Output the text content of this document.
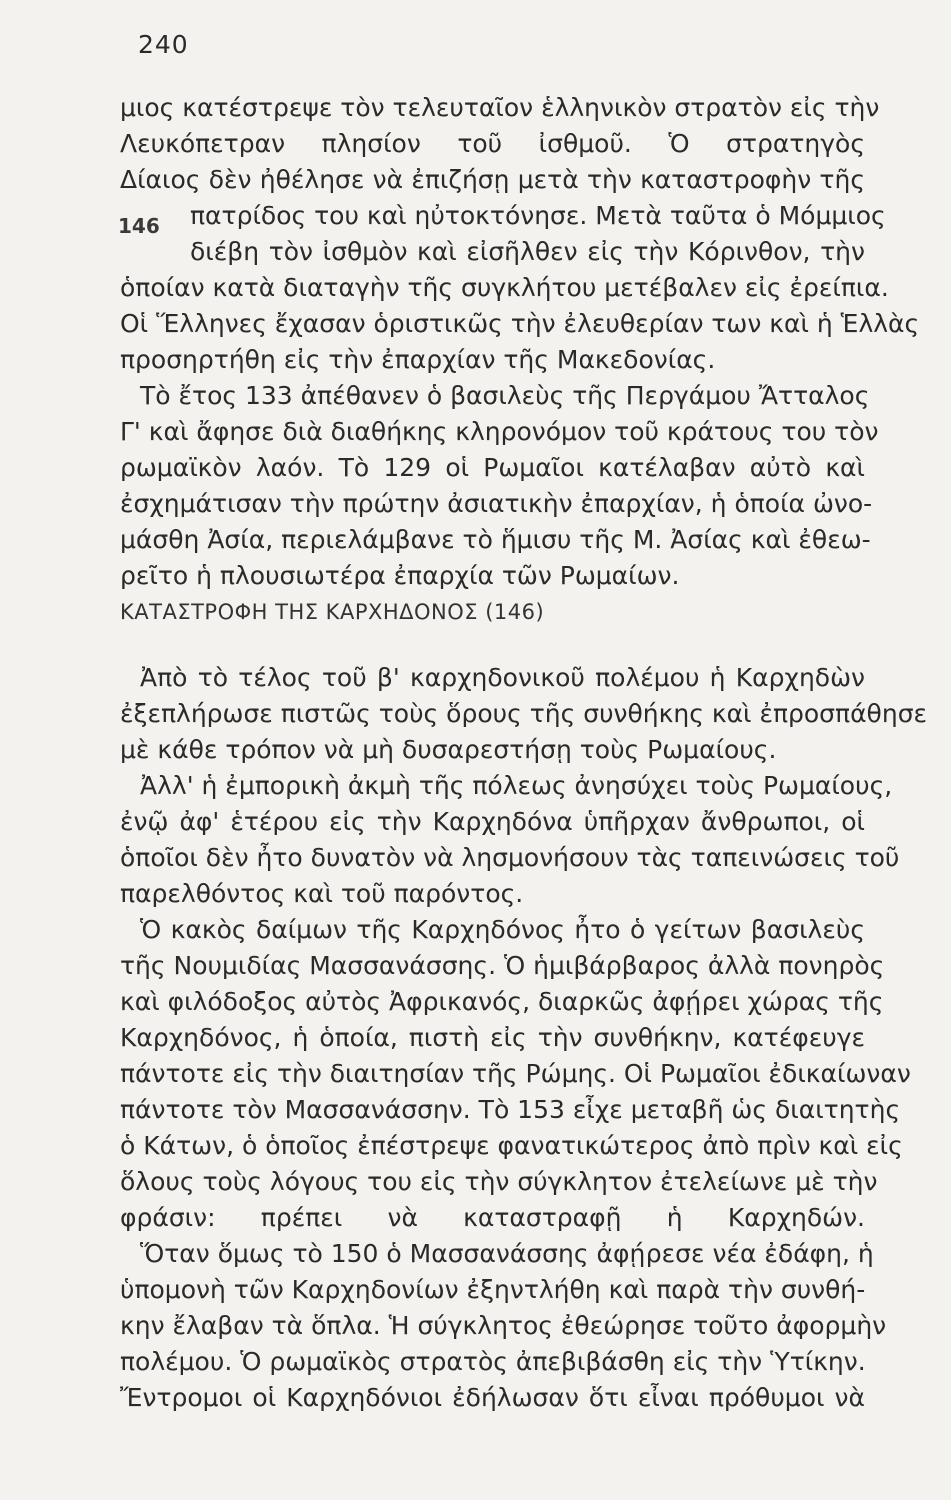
240
146
μιος κατέστρεψε τὸν τελευταῖον ἑλληνικὸν στρατὸν εἰς τὴν
Λευκόπετραν πλησίον τοῦ ἰσθμοῦ. Ὁ στρατηγὸς
Δίαιος δὲν ἠθέλησε νὰ ἐπιζήσῃ μετὰ τὴν καταστροφὴν τῆς
πατρίδος του καὶ ηὐτοκτόνησε. Μετὰ ταῦτα ὁ Μόμμιος
διέβη τὸν ἰσθμὸν καὶ εἰσῆλθεν εἰς τὴν Κόρινθον, τὴν
ὁποίαν κατὰ διαταγὴν τῆς συγκλήτου μετέβαλεν εἰς ἐρείπια.
Οἱ Ἕλληνες ἔχασαν ὁριστικῶς τὴν ἐλευθερίαν των καὶ ἡ Ἑλλὰς
προσηρτήθη εἰς τὴν ἐπαρχίαν τῆς Μακεδονίας.
Τὸ ἔτος 133 ἀπέθανεν ὁ βασιλεὺς τῆς Περγάμου Ἄτταλος
Γ' καὶ ἄφησε διὰ διαθήκης κληρονόμον τοῦ κράτους του τὸν
ρωμαϊκὸν λαόν. Τὸ 129 οἱ Ρωμαῖοι κατέλαβαν αὐτὸ καὶ
ἐσχημάτισαν τὴν πρώτην ἀσιατικὴν ἐπαρχίαν, ἡ ὁποία ὠνο-
μάσθη Ἀσία, περιελάμβανε τὸ ἥμισυ τῆς Μ. Ἀσίας καὶ ἐθεω-
ρεῖτο ἡ πλουσιωτέρα ἐπαρχία τῶν Ρωμαίων.
ΚΑΤΑΣΤΡΟΦΗ ΤΗΣ ΚΑΡΧΗΔΟΝΟΣ (146)
Ἀπὸ τὸ τέλος τοῦ β' καρχηδονικοῦ πολέμου ἡ Καρχηδὼν
ἐξεπλήρωσε πιστῶς τοὺς ὅρους τῆς συνθήκης καὶ ἐπροσπάθησε
μὲ κάθε τρόπον νὰ μὴ δυσαρεστήσῃ τοὺς Ρωμαίους.
Ἀλλ' ἡ ἐμπορικὴ ἀκμὴ τῆς πόλεως ἀνησύχει τοὺς Ρωμαίους,
ἐνῷ ἀφ' ἑτέρου εἰς τὴν Καρχηδόνα ὑπῆρχαν ἄνθρωποι, οἱ
ὁποῖοι δὲν ἦτο δυνατὸν νὰ λησμονήσουν τὰς ταπεινώσεις τοῦ
παρελθόντος καὶ τοῦ παρόντος.
Ὁ κακὸς δαίμων τῆς Καρχηδόνος ἦτο ὁ γείτων βασιλεὺς
τῆς Νουμιδίας Μασσανάσσης. Ὁ ἡμιβάρβαρος ἀλλὰ πονηρὸς
καὶ φιλόδοξος αὐτὸς Ἀφρικανός, διαρκῶς ἀφῄρει χώρας τῆς
Καρχηδόνος, ἡ ὁποία, πιστὴ εἰς τὴν συνθήκην, κατέφευγε
πάντοτε εἰς τὴν διαιτησίαν τῆς Ρώμης. Οἱ Ρωμαῖοι ἐδικαίωναν
πάντοτε τὸν Μασσανάσσην. Τὸ 153 εἶχε μεταβῆ ὡς διαιτητὴς
ὁ Κάτων, ὁ ὁποῖος ἐπέστρεψε φανατικώτερος ἀπὸ πρὶν καὶ εἰς
ὅλους τοὺς λόγους του εἰς τὴν σύγκλητον ἐτελείωνε μὲ τὴν
φράσιν: πρέπει νὰ καταστραφῇ ἡ Καρχηδών.
Ὅταν ὅμως τὸ 150 ὁ Μασσανάσσης ἀφῄρεσε νέα ἐδάφη, ἡ
ὑπομονὴ τῶν Καρχηδονίων ἐξηντλήθη καὶ παρὰ τὴν συνθή-
κην ἔλαβαν τὰ ὅπλα. Ἡ σύγκλητος ἐθεώρησε τοῦτο ἀφορμὴν
πολέμου. Ὁ ρωμαϊκὸς στρατὸς ἀπεβιβάσθη εἰς τὴν Ὑτίκην.
Ἔντρομοι οἱ Καρχηδόνιοι ἐδήλωσαν ὅτι εἶναι πρόθυμοι νὰ
